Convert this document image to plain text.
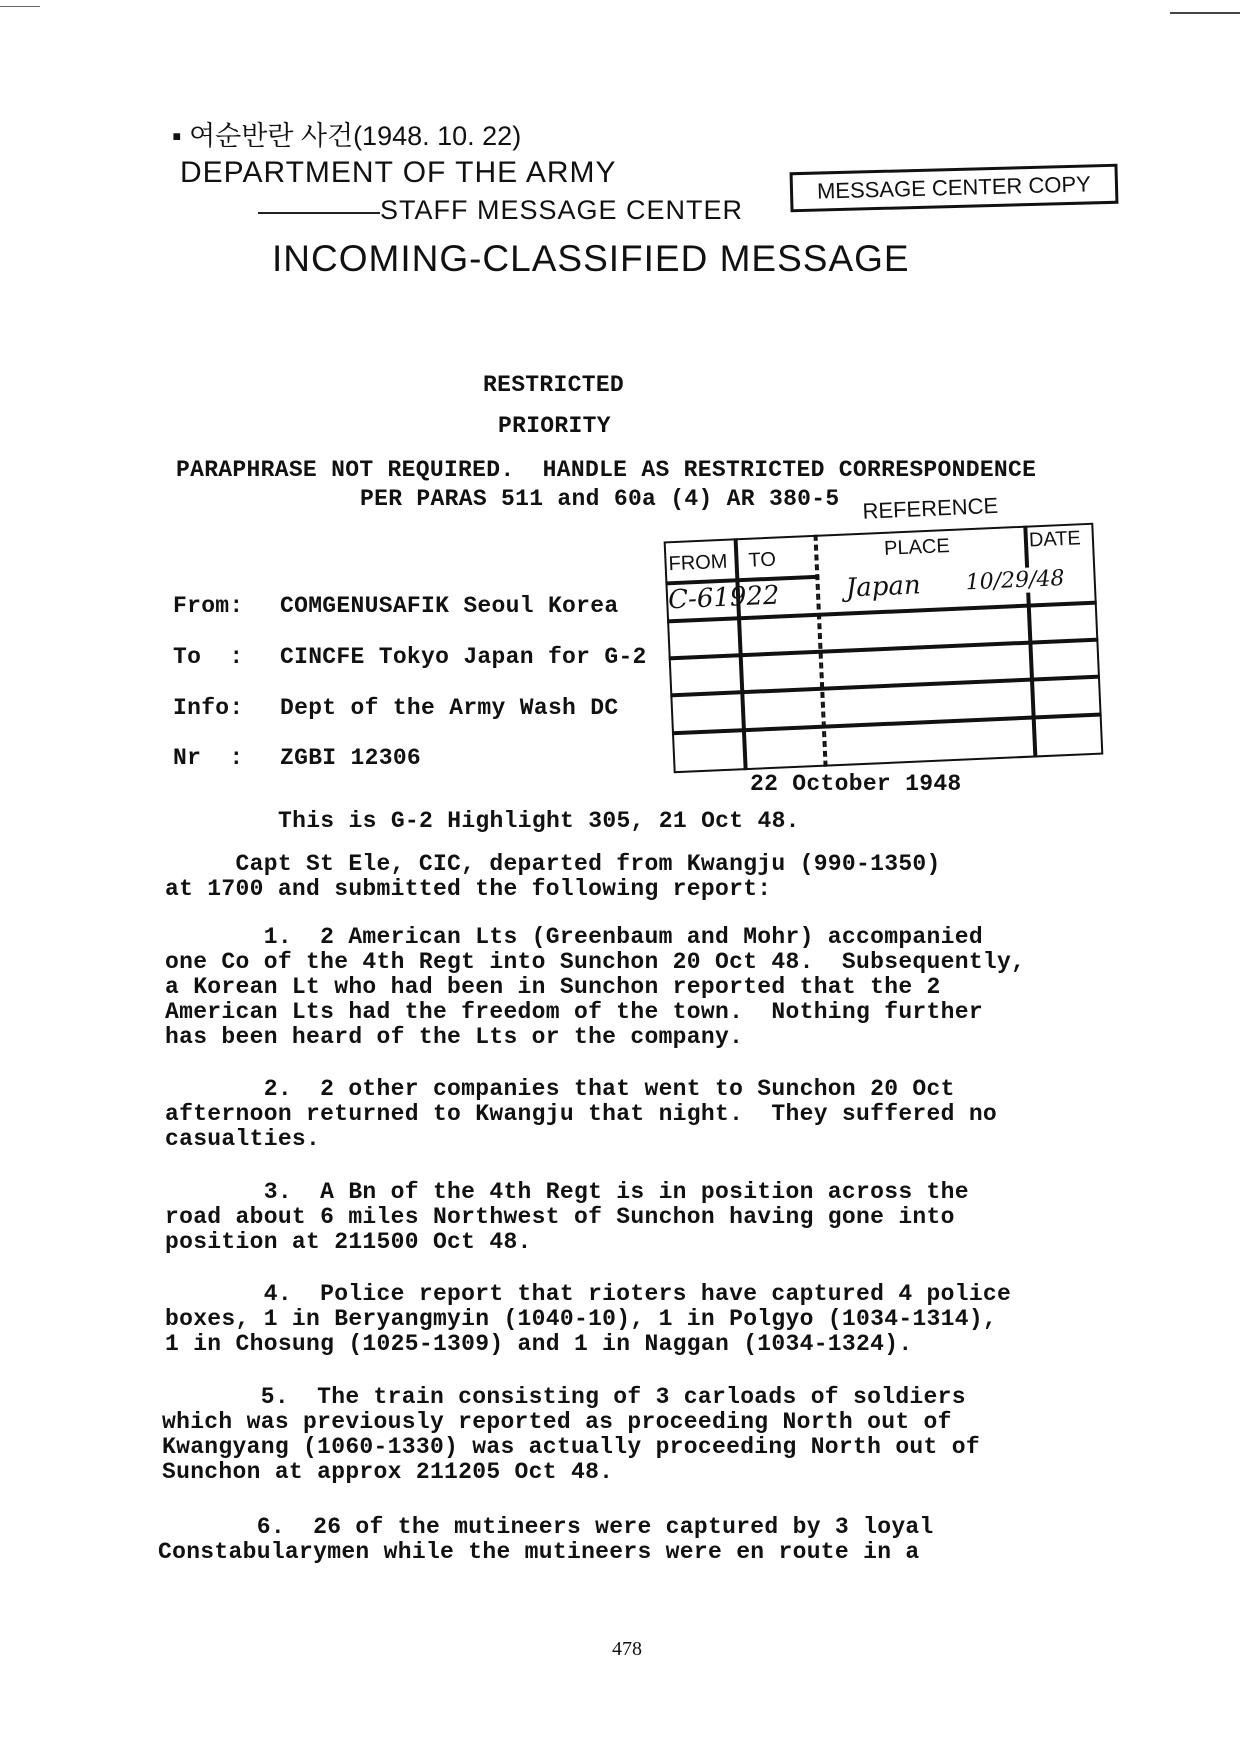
▪ 여순반란 사건(1948. 10. 22)
DEPARTMENT OF THE ARMY
STAFF MESSAGE CENTER
MESSAGE CENTER COPY
INCOMING-CLASSIFIED MESSAGE
RESTRICTED
PRIORITY
PARAPHRASE NOT REQUIRED.  HANDLE AS RESTRICTED CORRESPONDENCE
PER PARAS 511 and 60a (4) AR 380-5 REFERENCE
FROM TO
PLACE	DATE
C-61922	Japan 10/29/48
From: COMGENUSAFIK Seoul Korea
To  : CINCFE Tokyo Japan for G-2
Info: Dept of the Army Wash DC
Nr  : ZGBI 12306
22 October 1948
This is G-2 Highlight 305, 21 Oct 48.
Capt St Ele, CIC, departed from Kwangju (990-1350)
at 1700 and submitted the following report:
1.  2 American Lts (Greenbaum and Mohr) accompanied
one Co of the 4th Regt into Sunchon 20 Oct 48.  Subsequently,
a Korean Lt who had been in Sunchon reported that the 2
American Lts had the freedom of the town.  Nothing further
has been heard of the Lts or the company.
2.  2 other companies that went to Sunchon 20 Oct
afternoon returned to Kwangju that night.  They suffered no
casualties.
3.  A Bn of the 4th Regt is in position across the
road about 6 miles Northwest of Sunchon having gone into
position at 211500 Oct 48.
4.  Police report that rioters have captured 4 police
boxes, 1 in Beryangmyin (1040-10), 1 in Polgyo (1034-1314),
1 in Chosung (1025-1309) and 1 in Naggan (1034-1324).
5.  The train consisting of 3 carloads of soldiers
which was previously reported as proceeding North out of
Kwangyang (1060-1330) was actually proceeding North out of
Sunchon at approx 211205 Oct 48.
6.  26 of the mutineers were captured by 3 loyal
Constabularymen while the mutineers were en route in a
478
